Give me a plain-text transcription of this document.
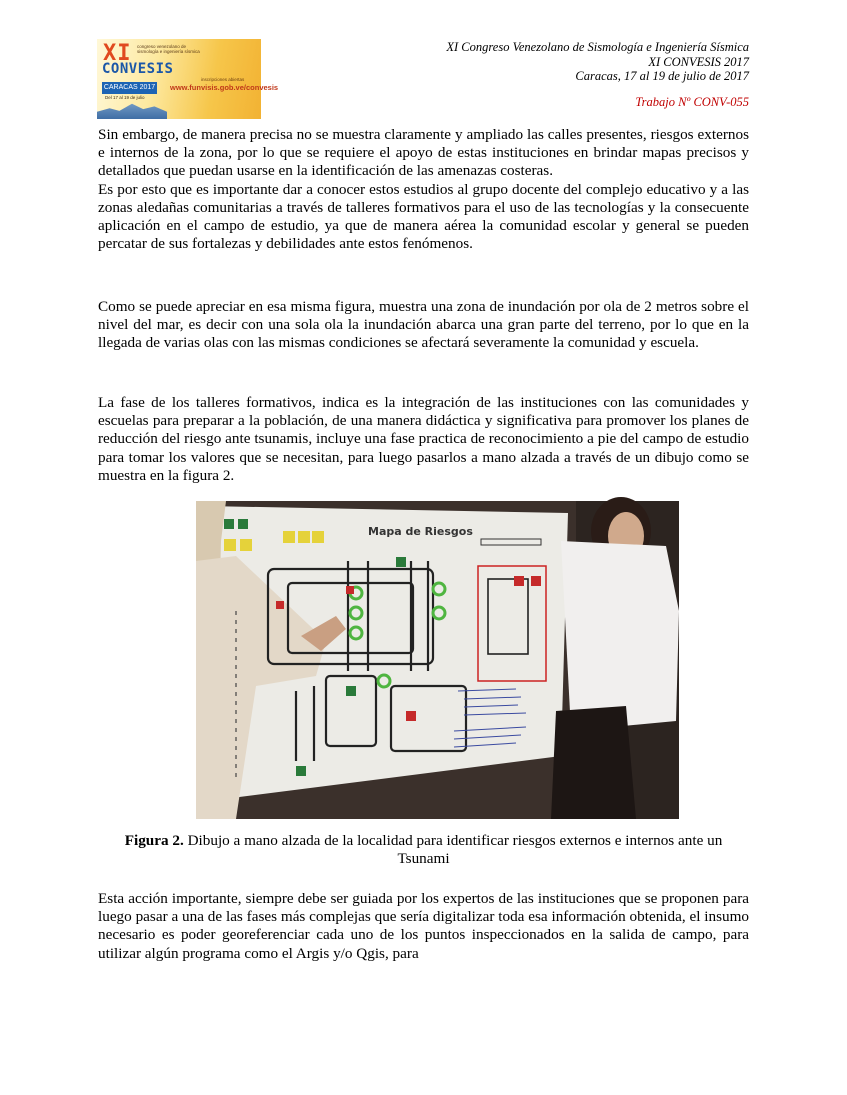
XI congreso venezolano de sismología e ingeniería sísmica
CONVESIS
CARACAS 2017
Del 17 al 19 de julio
inscripciones abiertas
www.funvisis.gob.ve/convesis
XI Congreso Venezolano de Sismología e Ingeniería Sísmica
XI CONVESIS 2017
Caracas, 17 al 19 de julio de 2017
Trabajo Nº CONV-055

Sin embargo, de manera precisa no se muestra claramente y ampliado las calles presentes, riesgos externos e internos de la zona, por lo que se requiere el apoyo de estas instituciones en brindar mapas precisos y detallados que puedan usarse en la identificación de las amenazas costeras.

Es por esto que es importante dar a conocer estos estudios al grupo docente del complejo educativo y a las zonas aledañas comunitarias a través de talleres formativos para el uso de las tecnologías y la consecuente aplicación en el campo de estudio, ya que de manera aérea la comunidad escolar y general se pueden percatar de sus fortalezas y debilidades ante estos fenómenos.

Como se puede apreciar en esa misma figura, muestra una zona de inundación por ola de 2 metros sobre el nivel del mar, es decir con una sola ola la inundación abarca una gran parte del terreno, por lo que en la llegada de varias olas con las mismas condiciones se afectará severamente la comunidad y escuela.
La fase de los talleres formativos, indica es la integración de las instituciones con las comunidades y escuelas para preparar a la población, de una manera didáctica y significativa para promover los planes de reducción del riesgo ante tsunamis, incluye una fase practica de reconocimiento a pie del campo de estudio para tomar los valores que se necesitan, para luego pasarlos a mano alzada a través de un dibujo como se muestra en la figura 2.
Mapa de Riesgos
Figura 2. Dibujo a mano alzada de la localidad para identificar riesgos externos e internos ante un Tsunami
Esta acción importante, siempre debe ser guiada por los expertos de las instituciones que se proponen para luego pasar a una de las fases más complejas que sería digitalizar toda esa información obtenida, el insumo necesario es poder georeferenciar cada uno de los puntos inspeccionados en la salida de campo, para utilizar algún programa como el Argis y/o Qgis, para
